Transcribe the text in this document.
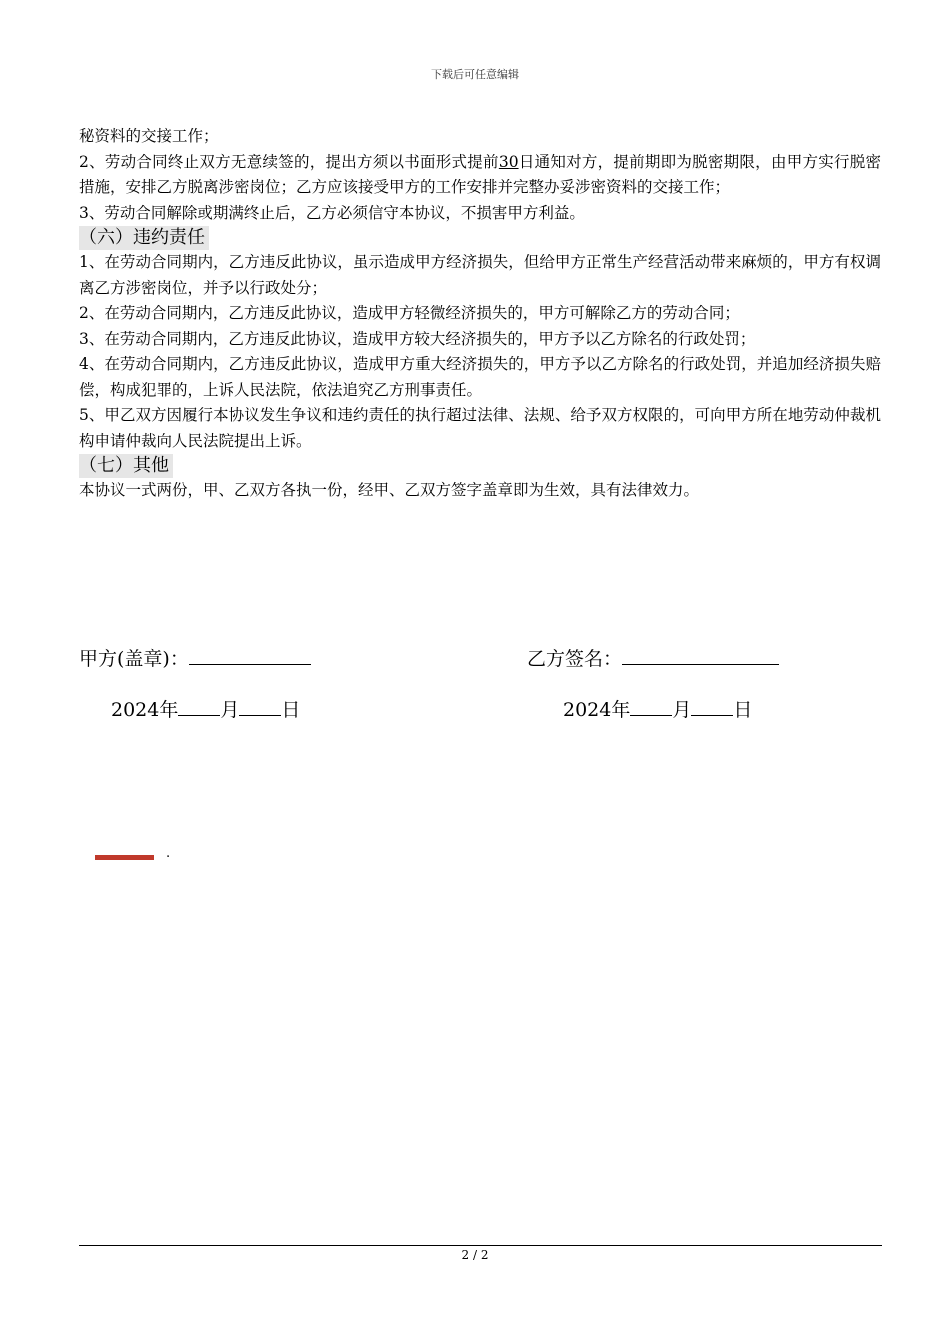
下载后可任意编辑

秘资料的交接工作；

2、劳动合同终止双方无意续签的，提出方须以书面形式提前30日通知对方，提前期即为脱密期限，由甲方实行脱密措施，安排乙方脱离涉密岗位；乙方应该接受甲方的工作安排并完整办妥涉密资料的交接工作；

3、劳动合同解除或期满终止后，乙方必须信守本协议，不损害甲方利益。

（六）违约责任

1、在劳动合同期内，乙方违反此协议，虽示造成甲方经济损失，但给甲方正常生产经营活动带来麻烦的，甲方有权调离乙方涉密岗位，并予以行政处分；

2、在劳动合同期内，乙方违反此协议，造成甲方轻微经济损失的，甲方可解除乙方的劳动合同；

3、在劳动合同期内，乙方违反此协议，造成甲方较大经济损失的，甲方予以乙方除名的行政处罚；

4、在劳动合同期内，乙方违反此协议，造成甲方重大经济损失的，甲方予以乙方除名的行政处罚，并追加经济损失赔偿，构成犯罪的，上诉人民法院，依法追究乙方刑事责任。

5、甲乙双方因履行本协议发生争议和违约责任的执行超过法律、法规、给予双方权限的，可向甲方所在地劳动仲裁机构申请仲裁向人民法院提出上诉。

（七）其他

本协议一式两份，甲、乙双方各执一份，经甲、乙双方签字盖章即为生效，具有法律效力。

甲方(盖章)：	乙方签名：
2024年 月 日	2024年 月 日
.
2 / 2
